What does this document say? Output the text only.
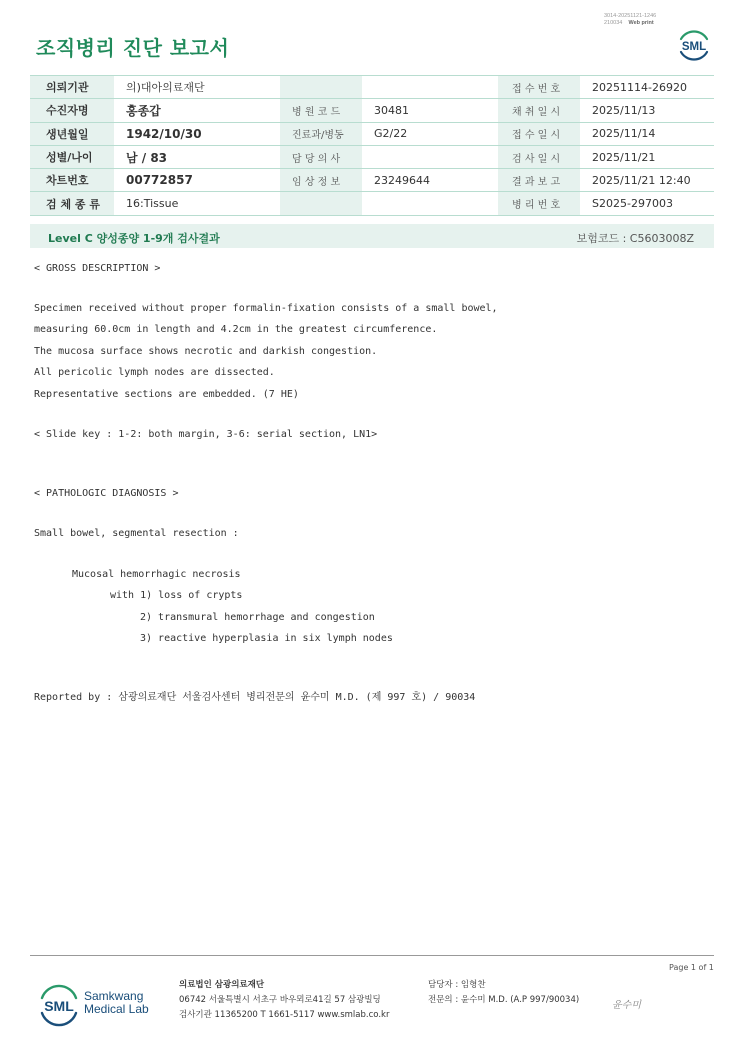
3014-20251121-1246
210034 Web print
조직병리 진단 보고서	SML
의뢰기관	의)대아의료재단			접 수 번 호	20251114-26920
수진자명	홍종갑	병 원 코 드	30481	채 취 일 시	2025/11/13
생년월일	1942/10/30	진료과/병동	G2/22	접 수 일 시	2025/11/14
성별/나이	남 / 83	담 당 의 사		검 사 일 시	2025/11/21
차트번호	00772857	임 상 정 보	23249644	결 과 보 고	2025/11/21 12:40
검 체 종 류	16:Tissue			병 리 번 호	S2025-297003
Level C 양성종양 1-9개 검사결과	보험코드 : C5603008Z
< GROSS DESCRIPTION >
Specimen received without proper formalin-fixation consists of a small bowel,
measuring 60.0cm in length and 4.2cm in the greatest circumference.
The mucosa surface shows necrotic and darkish congestion.
All pericolic lymph nodes are dissected.
Representative sections are embedded. (7 HE)
< Slide key : 1-2: both margin, 3-6: serial section, LN1>
< PATHOLOGIC DIAGNOSIS >
Small bowel, segmental resection :
Mucosal hemorrhagic necrosis
with 1) loss of crypts
2) transmural hemorrhage and congestion
3) reactive hyperplasia in six lymph nodes
Reported by : 삼광의료재단 서울검사센터 병리전문의 윤수미 M.D. (제 997 호) / 90034
Page 1 of 1
SML
Samkwang
Medical Lab
의료법인 삼광의료재단
06742 서울특별시 서초구 바우뫼로41길 57 삼광빌딩
검사기관 11365200 T 1661-5117 www.smlab.co.kr
담당자 : 임형찬
전문의 : 윤수미 M.D. (A.P 997/90034)	윤수미
